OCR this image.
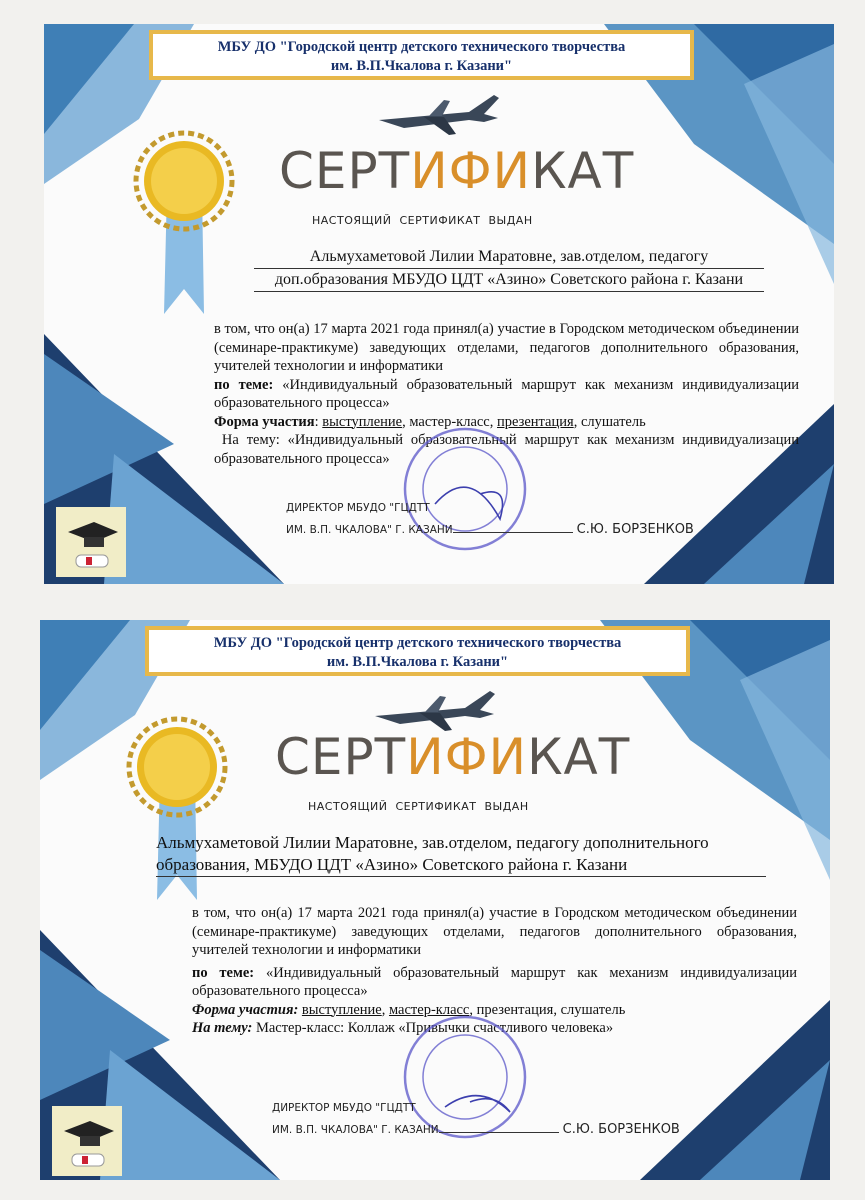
МБУ ДО "Городской центр детского технического творчества
им. В.П.Чкалова г. Казани"
СЕРТИФИКАТ
НАСТОЯЩИЙ СЕРТИФИКАТ ВЫДАН
Альмухаметовой Лилии Маратовне, зав.отделом, педагогу
доп.образования МБУДО ЦДТ «Азино» Советского района г. Казани

в том, что он(а) 17 марта 2021 года принял(а) участие в Городском методическом объединении (семинаре-практикуме) заведующих отделами, педагогов дополнительного образования, учителей технологии и информатики

по теме: «Индивидуальный образовательный маршрут как механизм индивидуализации образовательного процесса»

Форма участия: выступление, мастер-класс, презентация, слушатель

На тему: «Индивидуальный образовательный маршрут как механизм индивидуализации образовательного процесса»

ДИРЕКТОР МБУДО "ГЦДТТ
ИМ. В.П. ЧКАЛОВА" Г. КАЗАНИ	С.Ю. БОРЗЕНКОВ
МБУ ДО "Городской центр детского технического творчества
им. В.П.Чкалова г. Казани"
СЕРТИФИКАТ
НАСТОЯЩИЙ СЕРТИФИКАТ ВЫДАН
Альмухаметовой Лилии Маратовне, зав.отделом, педагогу дополнительного
образования, МБУДО ЦДТ «Азино» Советского района г. Казани

в том, что он(а) 17 марта 2021 года принял(а) участие в Городском методическом объединении (семинаре-практикуме) заведующих отделами, педагогов дополнительного образования, учителей технологии и информатики

по теме: «Индивидуальный образовательный маршрут как механизм индивидуализации образовательного процесса»

Форма участия: выступление, мастер-класс, презентация, слушатель

На тему: Мастер-класс: Коллаж «Привычки счастливого человека»

ДИРЕКТОР МБУДО "ГЦДТТ
ИМ. В.П. ЧКАЛОВА" Г. КАЗАНИ	С.Ю. БОРЗЕНКОВ
